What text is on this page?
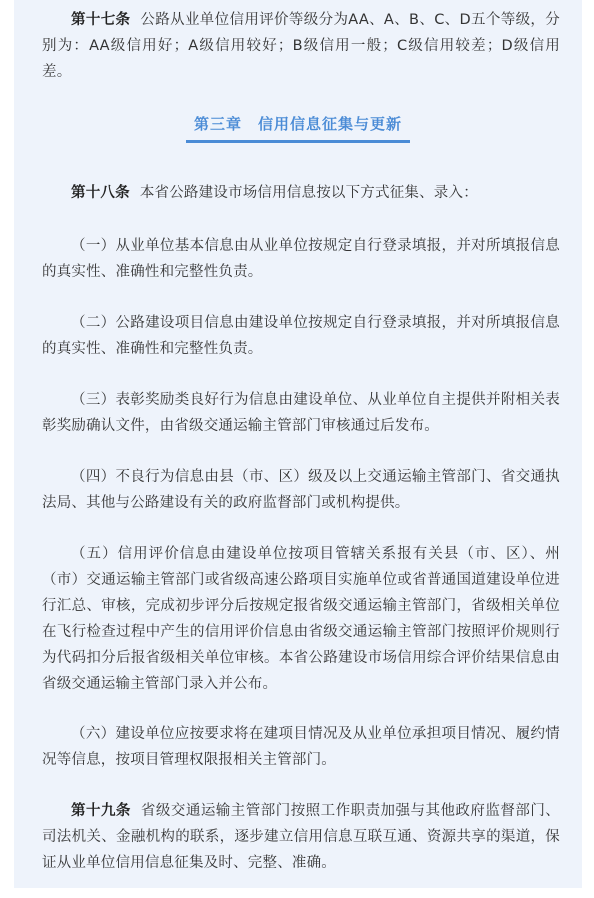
第十七条 公路从业单位信用评价等级分为AA、A、B、C、D五个等级，分别为：AA级信用好；A级信用较好；B级信用一般；C级信用较差；D级信用差。

第三章　信用信息征集与更新

第十八条 本省公路建设市场信用信息按以下方式征集、录入：

（一）从业单位基本信息由从业单位按规定自行登录填报，并对所填报信息的真实性、准确性和完整性负责。

（二）公路建设项目信息由建设单位按规定自行登录填报，并对所填报信息的真实性、准确性和完整性负责。

（三）表彰奖励类良好行为信息由建设单位、从业单位自主提供并附相关表彰奖励确认文件，由省级交通运输主管部门审核通过后发布。

（四）不良行为信息由县（市、区）级及以上交通运输主管部门、省交通执法局、其他与公路建设有关的政府监督部门或机构提供。

（五）信用评价信息由建设单位按项目管辖关系报有关县（市、区）、州（市）交通运输主管部门或省级高速公路项目实施单位或省普通国道建设单位进行汇总、审核，完成初步评分后按规定报省级交通运输主管部门，省级相关单位在飞行检查过程中产生的信用评价信息由省级交通运输主管部门按照评价规则行为代码扣分后报省级相关单位审核。本省公路建设市场信用综合评价结果信息由省级交通运输主管部门录入并公布。

（六）建设单位应按要求将在建项目情况及从业单位承担项目情况、履约情况等信息，按项目管理权限报相关主管部门。

第十九条 省级交通运输主管部门按照工作职责加强与其他政府监督部门、司法机关、金融机构的联系，逐步建立信用信息互联互通、资源共享的渠道，保证从业单位信用信息征集及时、完整、准确。
